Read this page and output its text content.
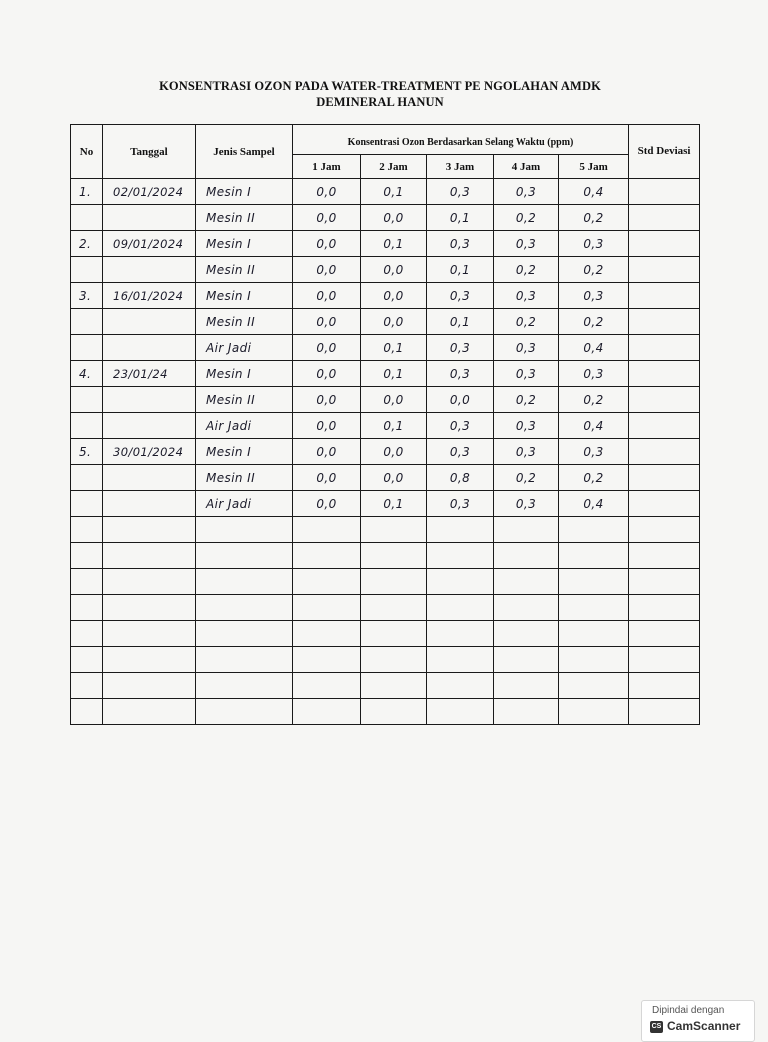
KONSENTRASI OZON PADA WATER-TREATMENT PE NGOLAHAN AMDK
DEMINERAL HANUN
No	Tanggal	Jenis Sampel	Konsentrasi Ozon Berdasarkan Selang Waktu (ppm)					Std Deviasi
			1 Jam	2 Jam	3 Jam	4 Jam	5 Jam	
1.	02/01/2024	Mesin I	0,0	0,1	0,3	0,3	0,4	
		Mesin II	0,0	0,0	0,1	0,2	0,2	
2.	09/01/2024	Mesin I	0,0	0,1	0,3	0,3	0,3	
		Mesin II	0,0	0,0	0,1	0,2	0,2	
3.	16/01/2024	Mesin I	0,0	0,0	0,3	0,3	0,3	
		Mesin II	0,0	0,0	0,1	0,2	0,2	
		Air Jadi	0,0	0,1	0,3	0,3	0,4	
4.	23/01/24	Mesin I	0,0	0,1	0,3	0,3	0,3	
		Mesin II	0,0	0,0	0,0	0,2	0,2	
		Air Jadi	0,0	0,1	0,3	0,3	0,4	
5.	30/01/2024	Mesin I	0,0	0,0	0,3	0,3	0,3	
		Mesin II	0,0	0,0	0,8	0,2	0,2	
		Air Jadi	0,0	0,1	0,3	0,3	0,4	

Dipindai dengan
CS CamScanner
